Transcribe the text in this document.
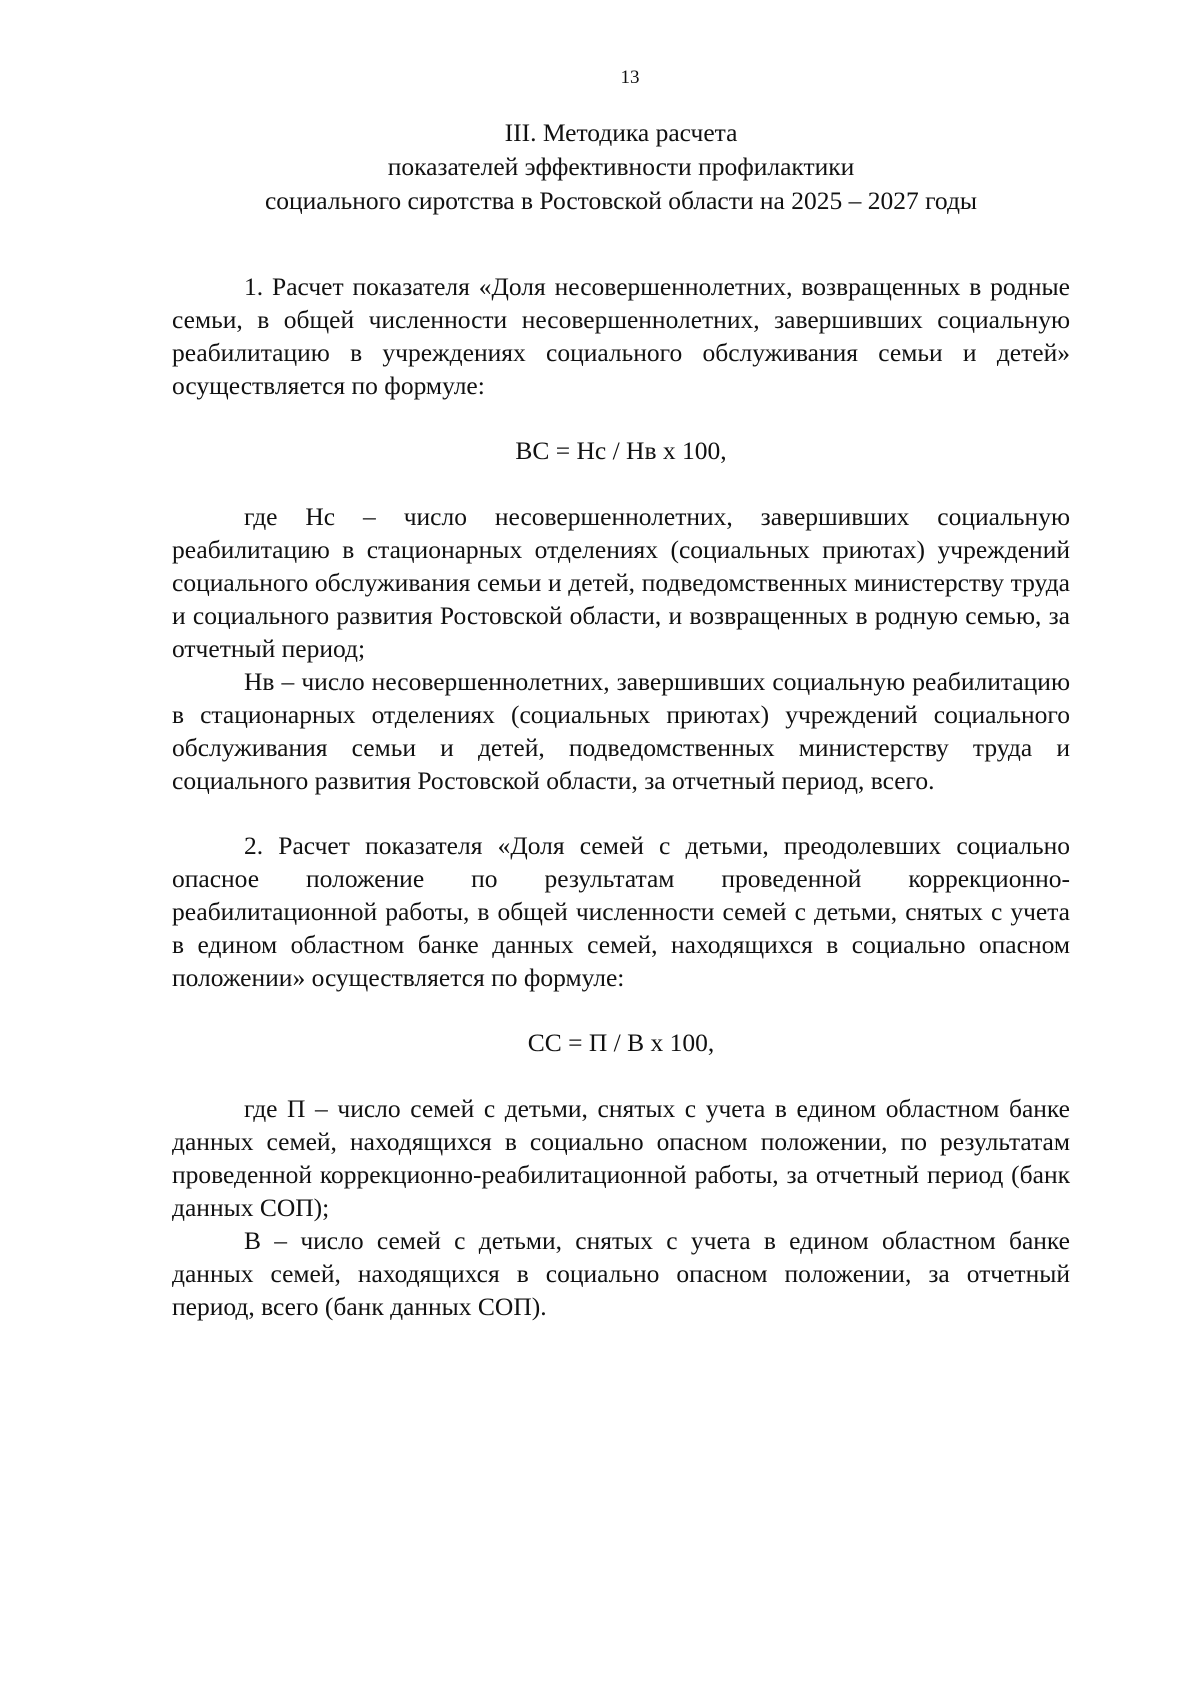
13
III. Методика расчета
показателей эффективности профилактики
социального сиротства в Ростовской области на 2025 – 2027 годы

1. Расчет показателя «Доля несовершеннолетних, возвращенных в родные семьи, в общей численности несовершеннолетних, завершивших социальную реабилитацию в учреждениях социального обслуживания семьи и детей» осуществляется по формуле:

ВС = Нс / Нв x 100,

где Нс – число несовершеннолетних, завершивших социальную реабилитацию в стационарных отделениях (социальных приютах) учреждений социального обслуживания семьи и детей, подведомственных министерству труда и социального развития Ростовской области, и возвращенных в родную семью, за отчетный период;

Нв – число несовершеннолетних, завершивших социальную реабилитацию в стационарных отделениях (социальных приютах) учреждений социального обслуживания семьи и детей, подведомственных министерству труда и социального развития Ростовской области, за отчетный период, всего.

2. Расчет показателя «Доля семей с детьми, преодолевших социально опасное положение по результатам проведенной коррекционно-реабилитационной работы, в общей численности семей с детьми, снятых с учета в едином областном банке данных семей, находящихся в социально опасном положении» осуществляется по формуле:

СС = П / В x 100,

где П – число семей с детьми, снятых с учета в едином областном банке данных семей, находящихся в социально опасном положении, по результатам проведенной коррекционно-реабилитационной работы, за отчетный период (банк данных СОП);

В – число семей с детьми, снятых с учета в едином областном банке данных семей, находящихся в социально опасном положении, за отчетный период, всего (банк данных СОП).
